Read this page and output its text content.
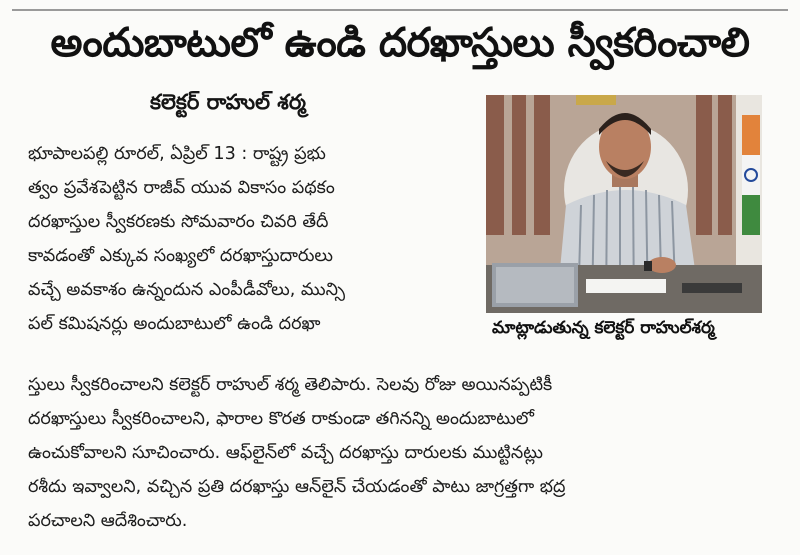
అందుబాటులో ఉండి దరఖాస్తులు స్వీకరించాలి
కలెక్టర్ రాహుల్ శర్మ
భూపాలపల్లి రూరల్, ఏప్రిల్ 13 : రాష్ట్ర ప్రభు
త్వం ప్రవేశపెట్టిన రాజీవ్ యువ వికాసం పథకం
దరఖాస్తుల స్వీకరణకు సోమవారం చివరి తేదీ
కావడంతో ఎక్కువ సంఖ్యలో దరఖాస్తుదారులు
వచ్చే అవకాశం ఉన్నందున ఎంపీడీవోలు, మున్సి
పల్ కమిషనర్లు అందుబాటులో ఉండి దరఖా	మాట్లాడుతున్న కలెక్టర్ రాహుల్‌శర్మ
స్తులు స్వీకరించాలని కలెక్టర్ రాహుల్ శర్మ తెలిపారు. సెలవు రోజు అయినప్పటికీ
దరఖాస్తులు స్వీకరించాలని, ఫారాల కొరత రాకుండా తగినన్ని అందుబాటులో
ఉంచుకోవాలని సూచించారు. ఆఫ్‌లైన్‌లో వచ్చే దరఖాస్తు దారులకు ముట్టినట్లు
రశీదు ఇవ్వాలని, వచ్చిన ప్రతి దరఖాస్తు ఆన్‌లైన్ చేయడంతో పాటు జాగ్రత్తగా భద్ర
పరచాలని ఆదేశించారు.
